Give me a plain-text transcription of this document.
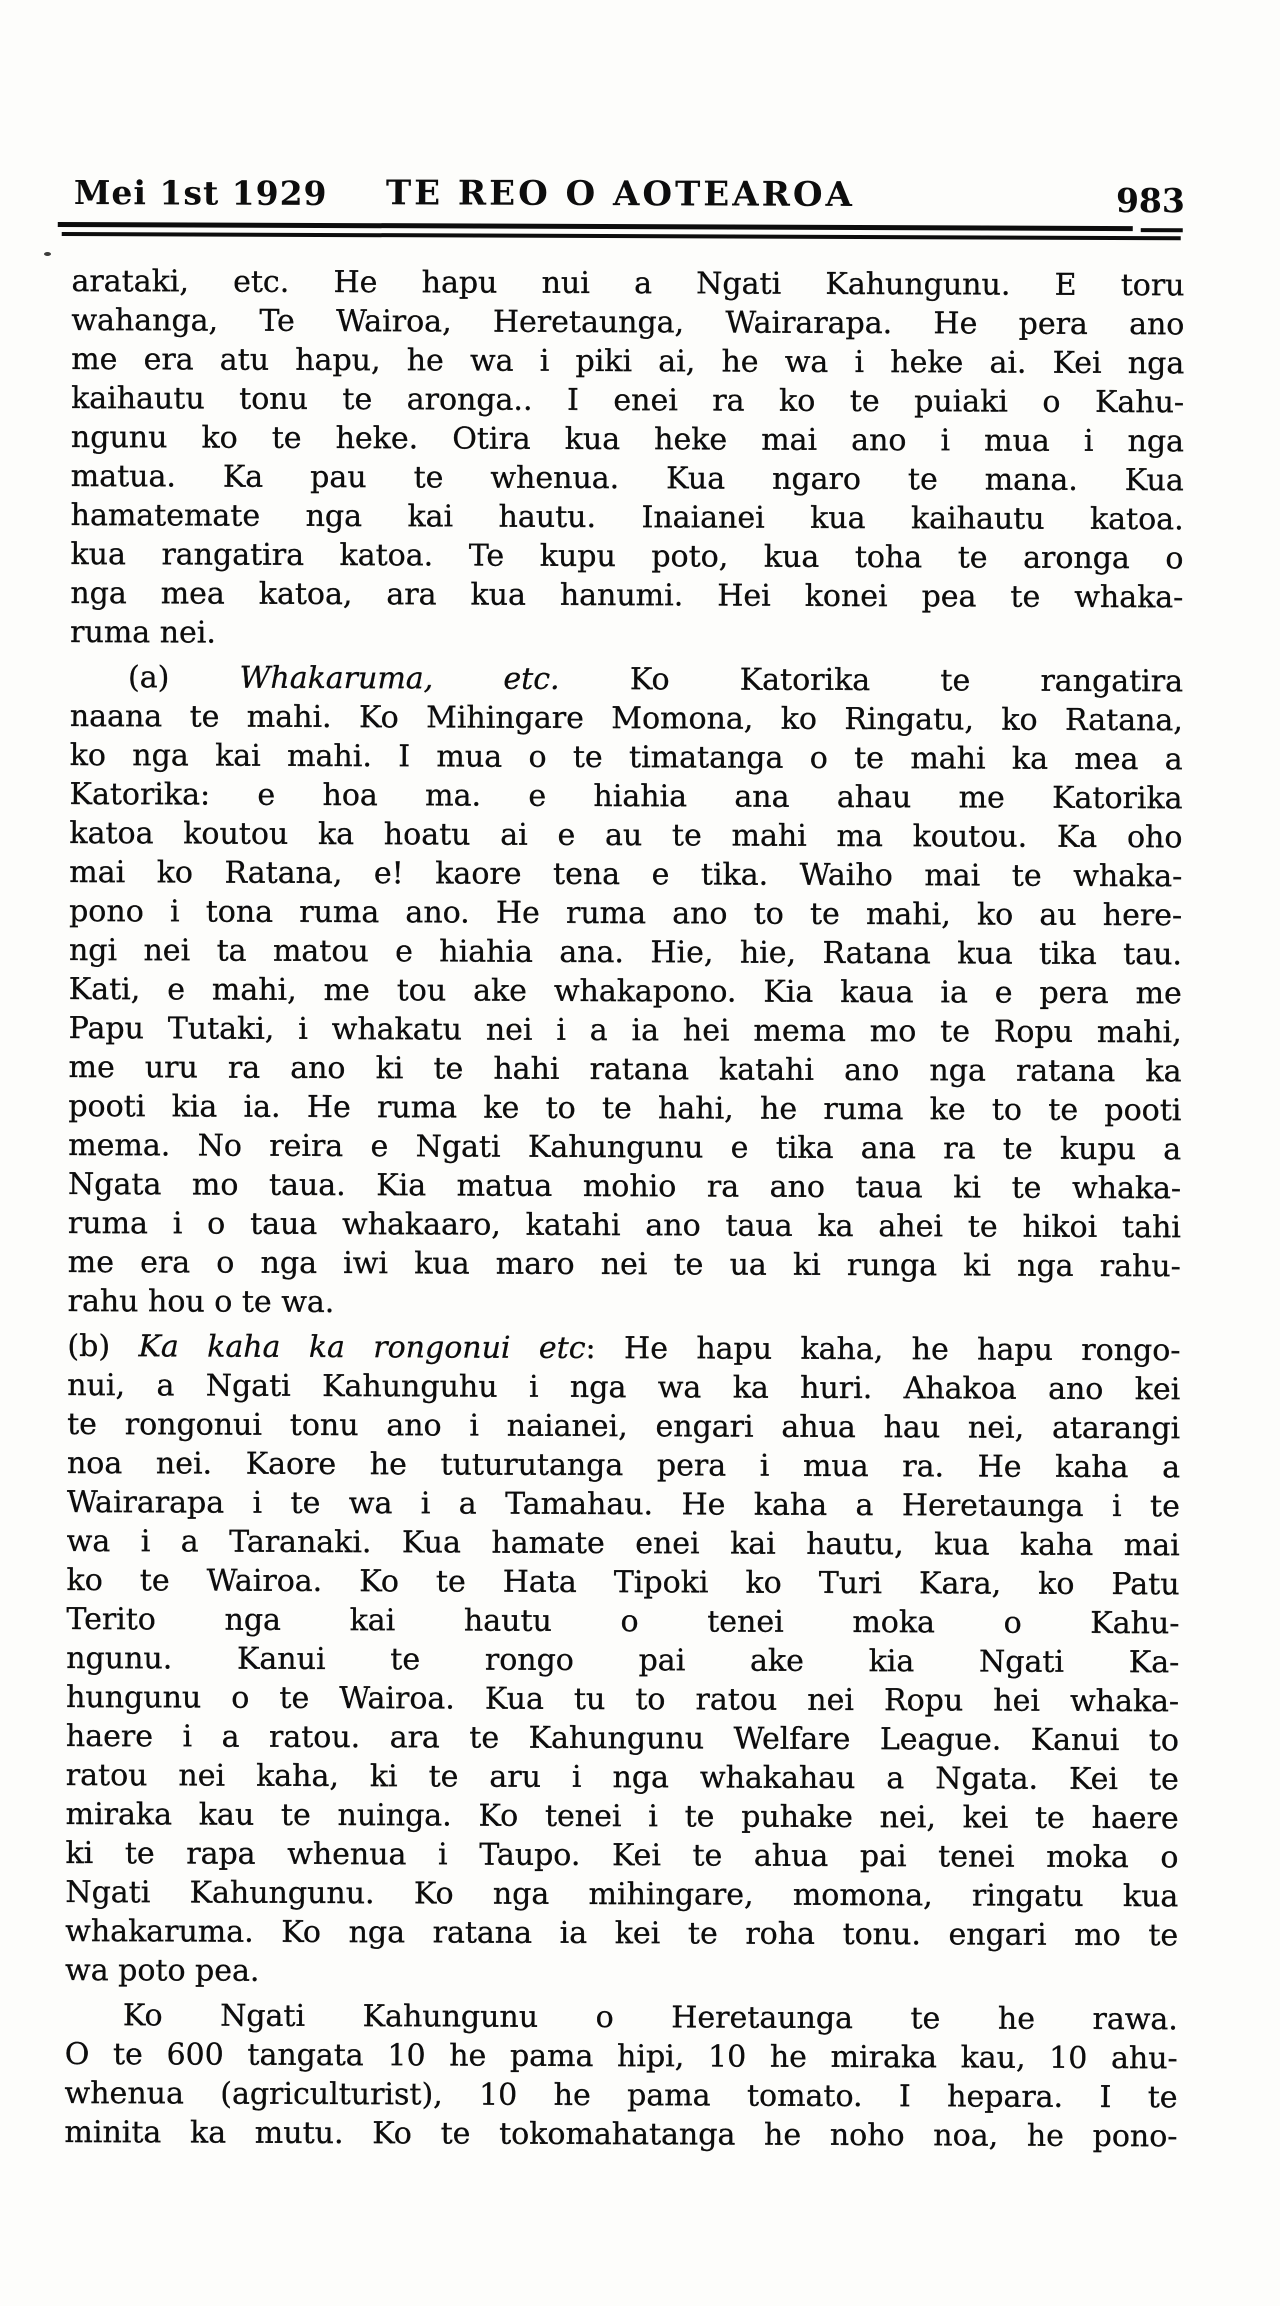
Mei 1st 1929 TE REO O AOTEAROA	983
arataki, etc. He hapu nui a Ngati Kahungunu. E toru
wahanga, Te Wairoa, Heretaunga, Wairarapa. He pera ano
me era atu hapu, he wa i piki ai, he wa i heke ai. Kei nga
kaihautu tonu te aronga.. I enei ra ko te puiaki o Kahu-
ngunu ko te heke. Otira kua heke mai ano i mua i nga
matua. Ka pau te whenua. Kua ngaro te mana. Kua
hamatemate nga kai hautu. Inaianei kua kaihautu katoa.
kua rangatira katoa. Te kupu poto, kua toha te aronga o
nga mea katoa, ara kua hanumi. Hei konei pea te whaka-
ruma nei.
(a) Whakaruma, etc. Ko Katorika te rangatira
naana te mahi. Ko Mihingare Momona, ko Ringatu, ko Ratana,
ko nga kai mahi. I mua o te timatanga o te mahi ka mea a
Katorika: e hoa ma. e hiahia ana ahau me Katorika
katoa koutou ka hoatu ai e au te mahi ma koutou. Ka oho
mai ko Ratana, e! kaore tena e tika. Waiho mai te whaka-
pono i tona ruma ano. He ruma ano to te mahi, ko au here-
ngi nei ta matou e hiahia ana. Hie, hie, Ratana kua tika tau.
Kati, e mahi, me tou ake whakapono. Kia kaua ia e pera me
Papu Tutaki, i whakatu nei i a ia hei mema mo te Ropu mahi,
me uru ra ano ki te hahi ratana katahi ano nga ratana ka
pooti kia ia. He ruma ke to te hahi, he ruma ke to te pooti
mema. No reira e Ngati Kahungunu e tika ana ra te kupu a
Ngata mo taua. Kia matua mohio ra ano taua ki te whaka-
ruma i o taua whakaaro, katahi ano taua ka ahei te hikoi tahi
me era o nga iwi kua maro nei te ua ki runga ki nga rahu-
rahu hou o te wa.
(b) Ka kaha ka rongonui etc: He hapu kaha, he hapu rongo-
nui, a Ngati Kahunguhu i nga wa ka huri. Ahakoa ano kei
te rongonui tonu ano i naianei, engari ahua hau nei, atarangi
noa nei. Kaore he tuturutanga pera i mua ra. He kaha a
Wairarapa i te wa i a Tamahau. He kaha a Heretaunga i te
wa i a Taranaki. Kua hamate enei kai hautu, kua kaha mai
ko te Wairoa. Ko te Hata Tipoki ko Turi Kara, ko Patu
Terito nga kai hautu o tenei moka o Kahu-
ngunu. Kanui te rongo pai ake kia Ngati Ka-
hungunu o te Wairoa. Kua tu to ratou nei Ropu hei whaka-
haere i a ratou. ara te Kahungunu Welfare League. Kanui to
ratou nei kaha, ki te aru i nga whakahau a Ngata. Kei te
miraka kau te nuinga. Ko tenei i te puhake nei, kei te haere
ki te rapa whenua i Taupo. Kei te ahua pai tenei moka o
Ngati Kahungunu. Ko nga mihingare, momona, ringatu kua
whakaruma. Ko nga ratana ia kei te roha tonu. engari mo te
wa poto pea.
Ko Ngati Kahungunu o Heretaunga te he rawa.
O te 600 tangata 10 he pama hipi, 10 he miraka kau, 10 ahu-
whenua (agriculturist), 10 he pama tomato. I hepara. I te
minita ka mutu. Ko te tokomahatanga he noho noa, he pono-
